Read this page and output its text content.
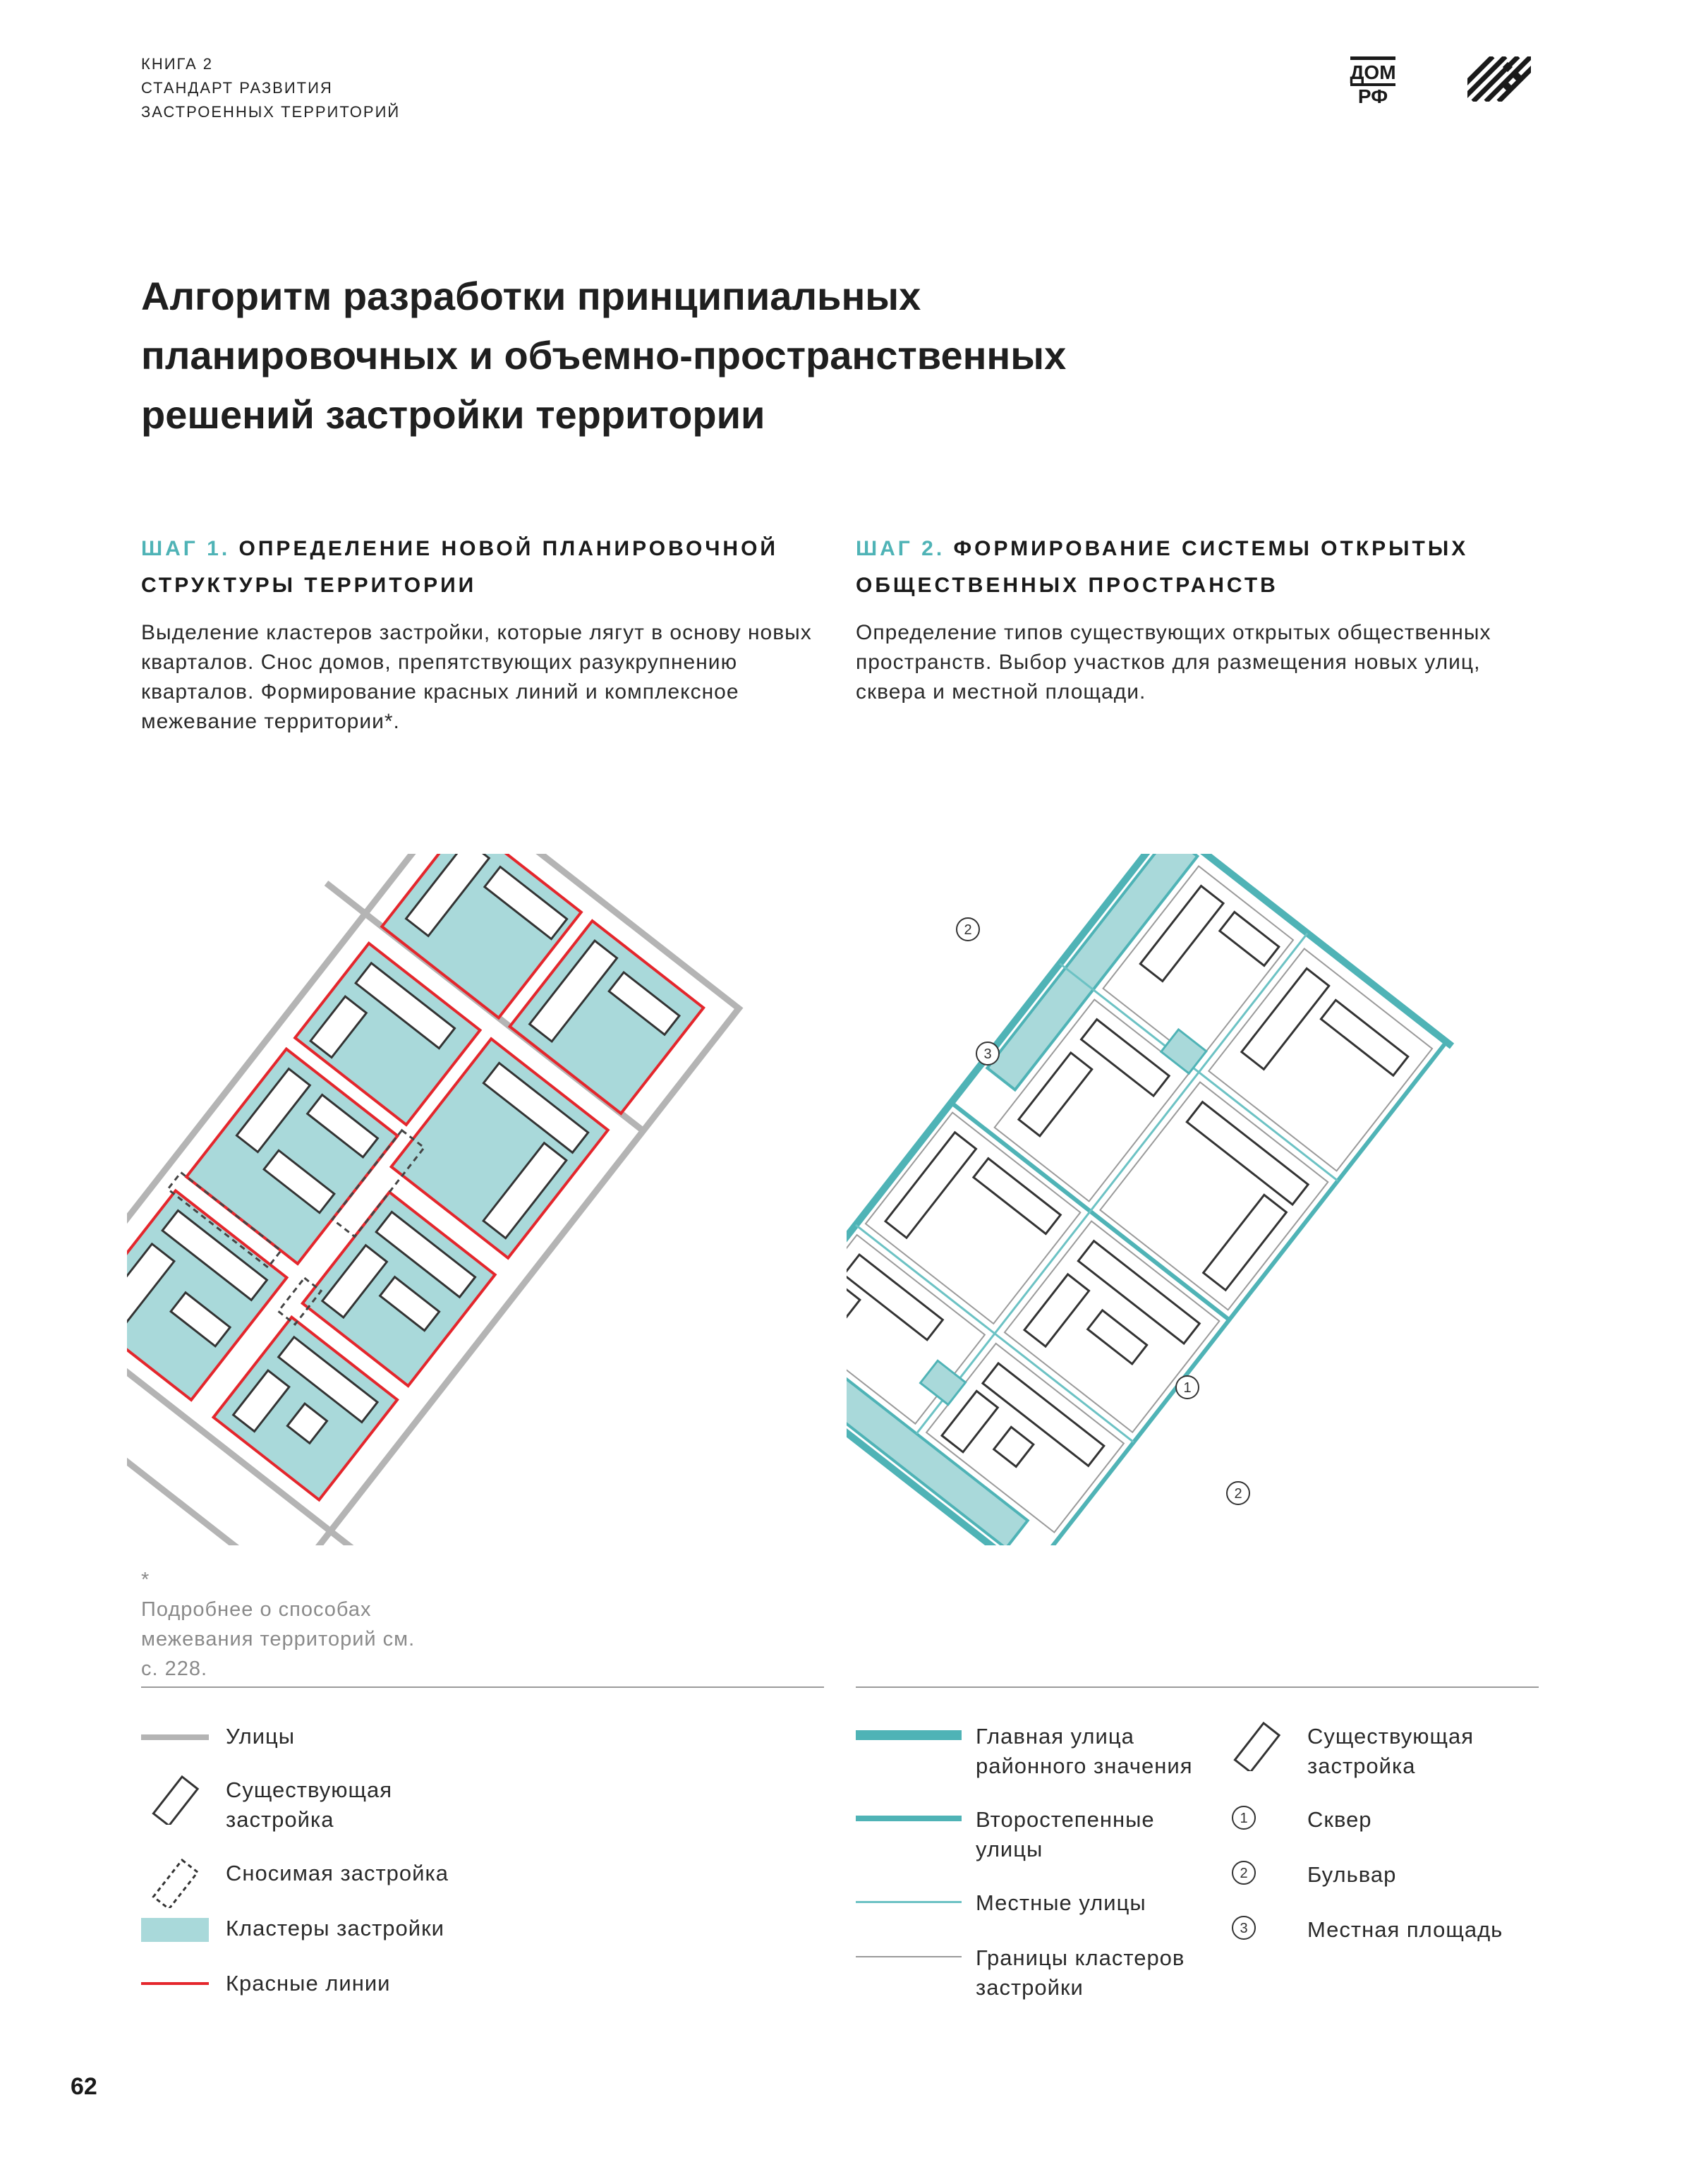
КНИГА 2
СТАНДАРТ РАЗВИТИЯ
ЗАСТРОЕННЫХ ТЕРРИТОРИЙ
ДОМ
РФ
Алгоритм разработки принципиальных
планировочных и объемно-пространственных
решений застройки территории
ШАГ 1. ОПРЕДЕЛЕНИЕ НОВОЙ ПЛАНИРОВОЧНОЙ СТРУКТУРЫ ТЕРРИТОРИИ
ШАГ 2. ФОРМИРОВАНИЕ СИСТЕМЫ ОТКРЫТЫХ ОБЩЕСТВЕННЫХ ПРОСТРАНСТВ
Выделение кластеров застройки, которые лягут в основу новых кварталов. Снос домов, препятствующих разукрупнению кварталов. Формирование красных линий и комплексное межевание территории*.
Определение типов существующих открытых общественных пространств. Выбор участков для размещения новых улиц, сквера и местной площади.
2
3
1
2
*
Подробнее о способах межевания территорий см. с. 228.
Улицы
Существующая застройка
Сносимая застройка
Кластеры застройки
Красные линии
Главная улица районного значения
Второстепенные улицы
Местные улицы
Границы кластеров застройки
Существующая застройка
1	Сквер
2	Бульвар
3	Местная площадь
62
